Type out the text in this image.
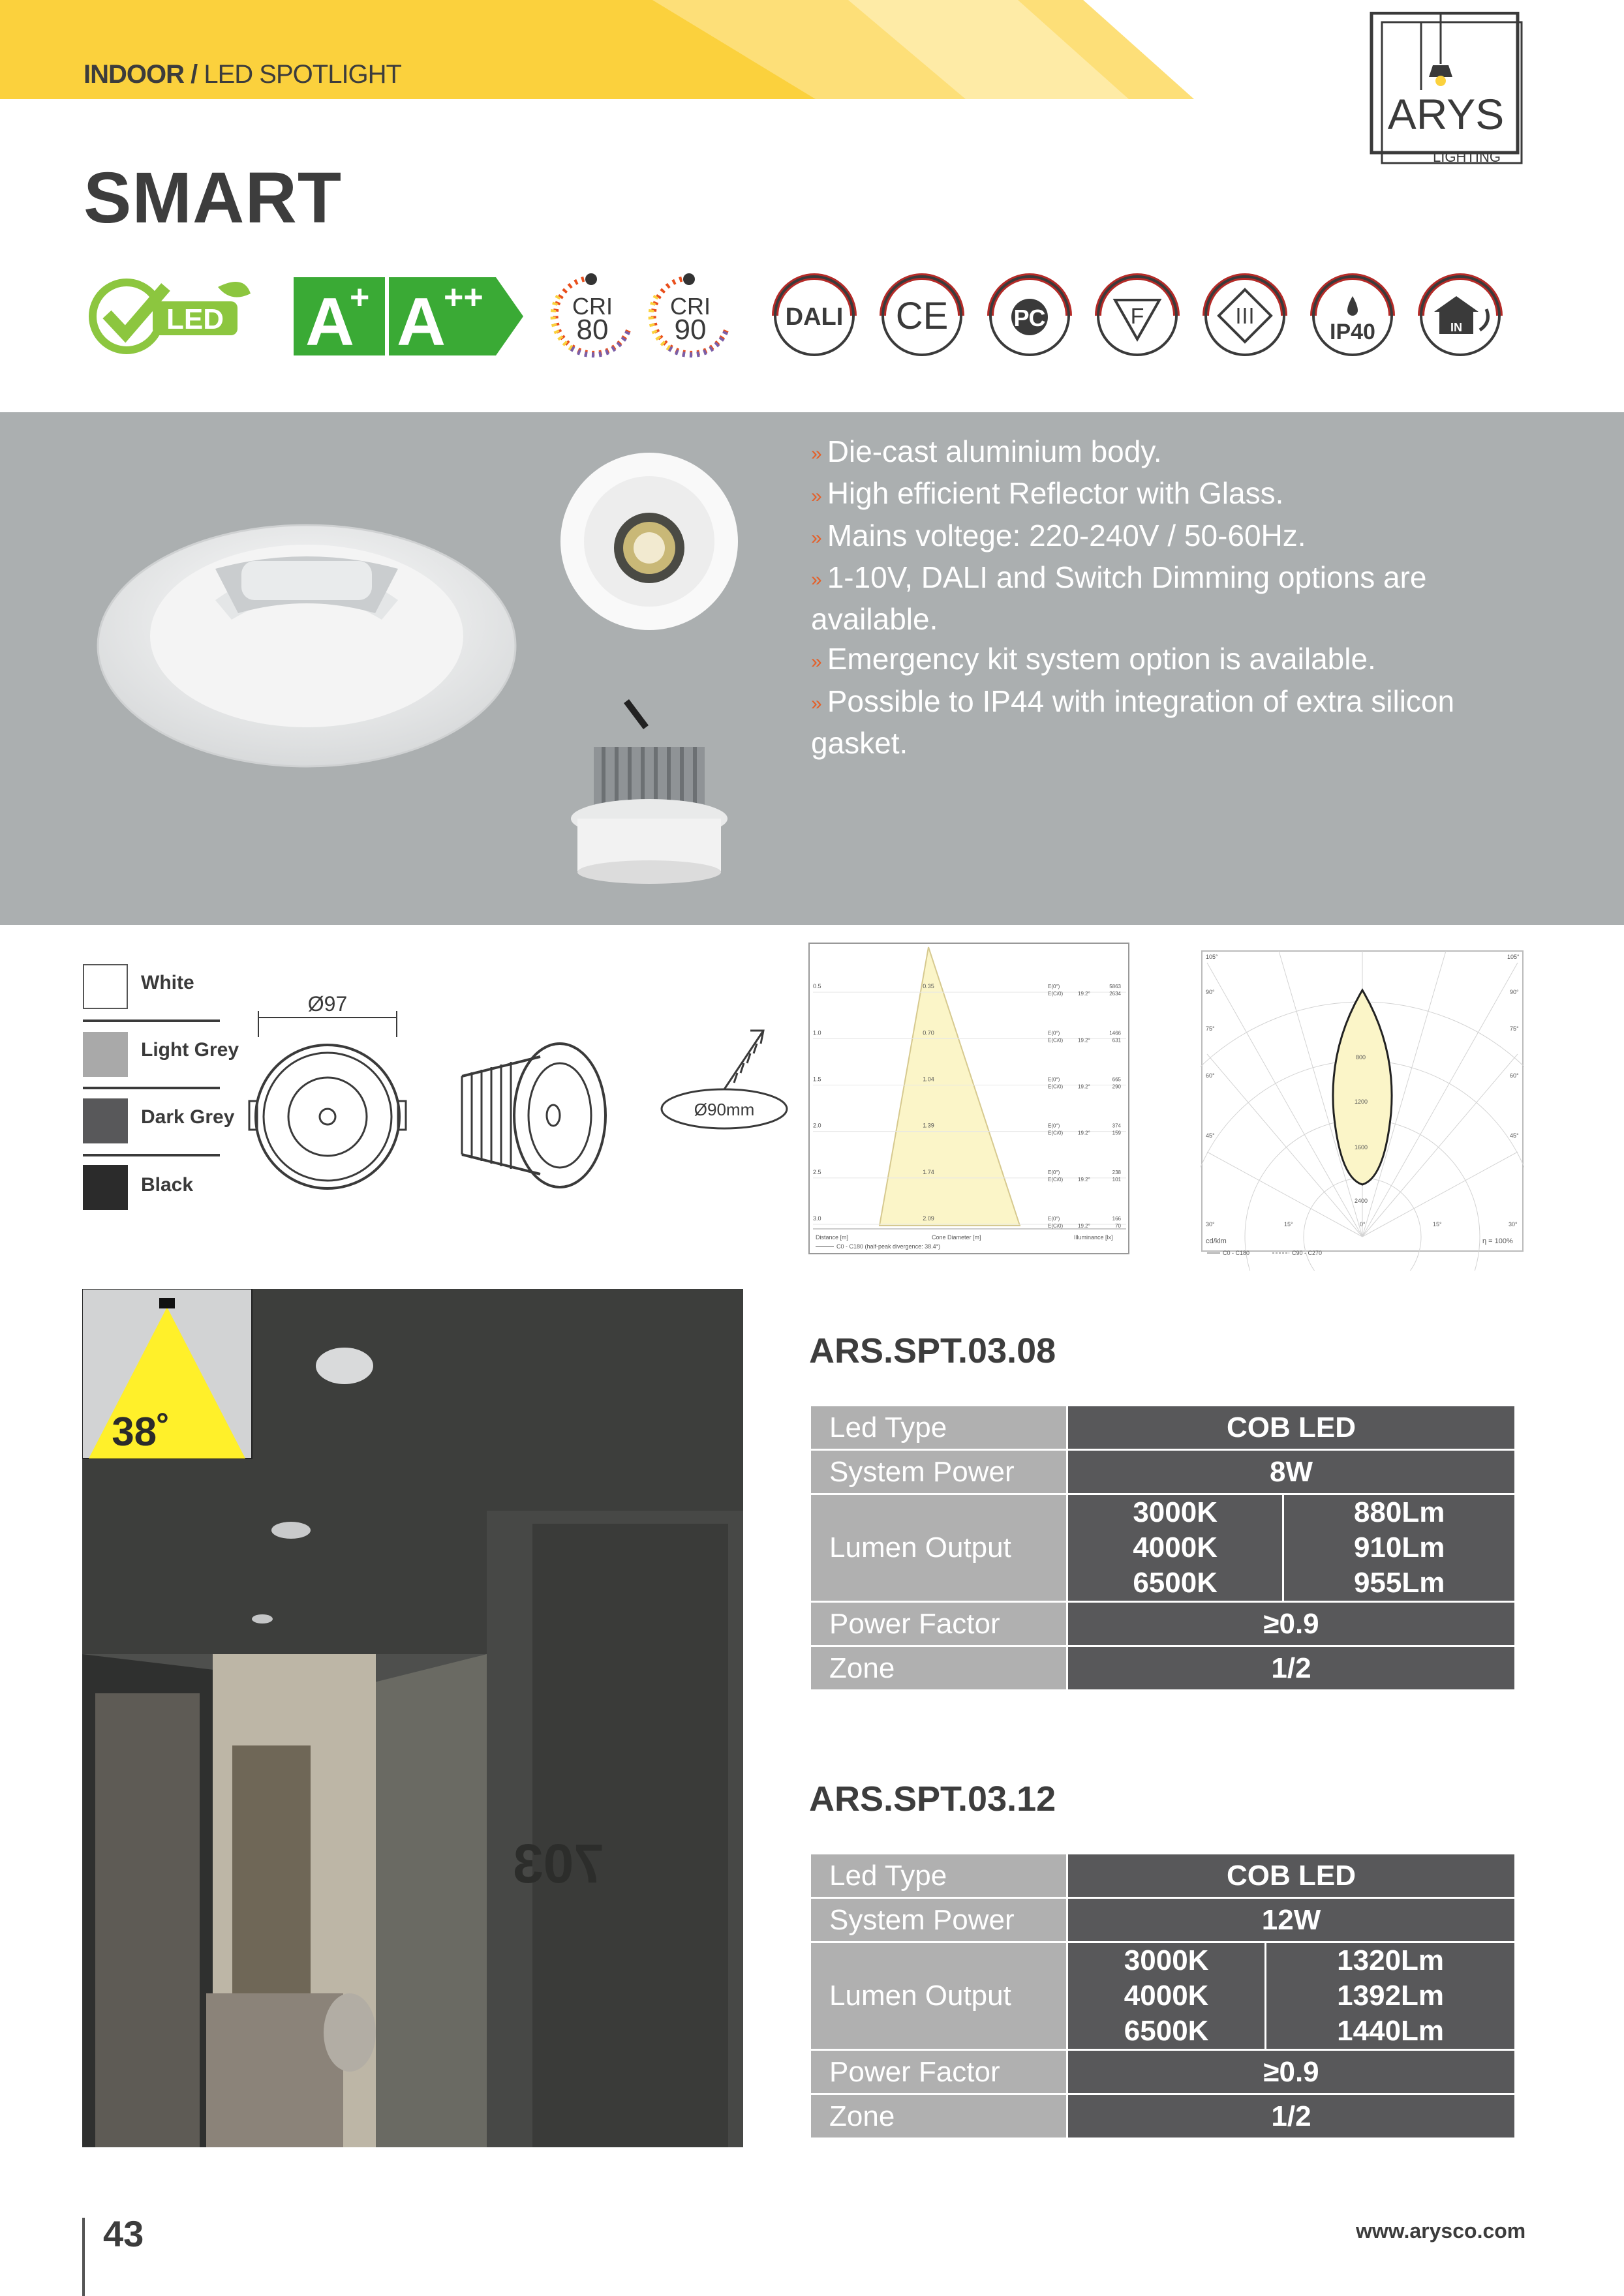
INDOOR / LED SPOTLIGHT
ARYS
LIGHTING
SMART
LED A
+ A
++	CRI
80
CRI
90	DALI CE	РС	F
IP40	IN
» Die-cast aluminium body.
» High efficient Reflector with Glass.
» Mains voltege: 220-240V / 50-60Hz.
» 1-10V, DALI and Switch Dimming options are available.
» Emergency kit system option is available.
» Possible to IP44 with integration of extra silicon gasket.
White
Light Grey
Dark Grey
Black
Ø97
Ø90mm
0.5	0.35	E(0°)
E(C/0)	19.2°
5863
2634
1.0	0.70	E(0°)
E(C/0)	19.2°
1466
631
1.5	1.04	E(0°)
E(C/0)	19.2°
665
290
2.0	1.39	E(0°)
E(C/0)	19.2°
374
159
2.5	1.74	E(0°)
E(C/0)	19.2°
238
101
3.0	2.09	E(0°)
E(C/0)	19.2°
166
70
Distance [m]	Cone Diameter [m]	Illuminance [lx]
C0 - C180 (half-peak divergence: 38.4°)
105°	105°
90°
75°
60°
45°
90°
75°
60°
45°
30°	15°	0°	15°	30°
800
1200
1600
2400
cd/klm	η = 100%
C0 - C180	C90 - C270
703
38˚
ARS.SPT.03.08
Led Type	COB LED	
System Power	8W	
Lumen Output	3000K	880Lm
	4000K	910Lm
	6500K	955Lm
Power Factor	≥0.9	
Zone	1/2	
ARS.SPT.03.12
Led Type	COB LED	
System Power	12W	
Lumen Output	3000K	1320Lm
	4000K	1392Lm
	6500K	1440Lm
Power Factor	≥0.9	
Zone	1/2	
43	www.arysco.com
